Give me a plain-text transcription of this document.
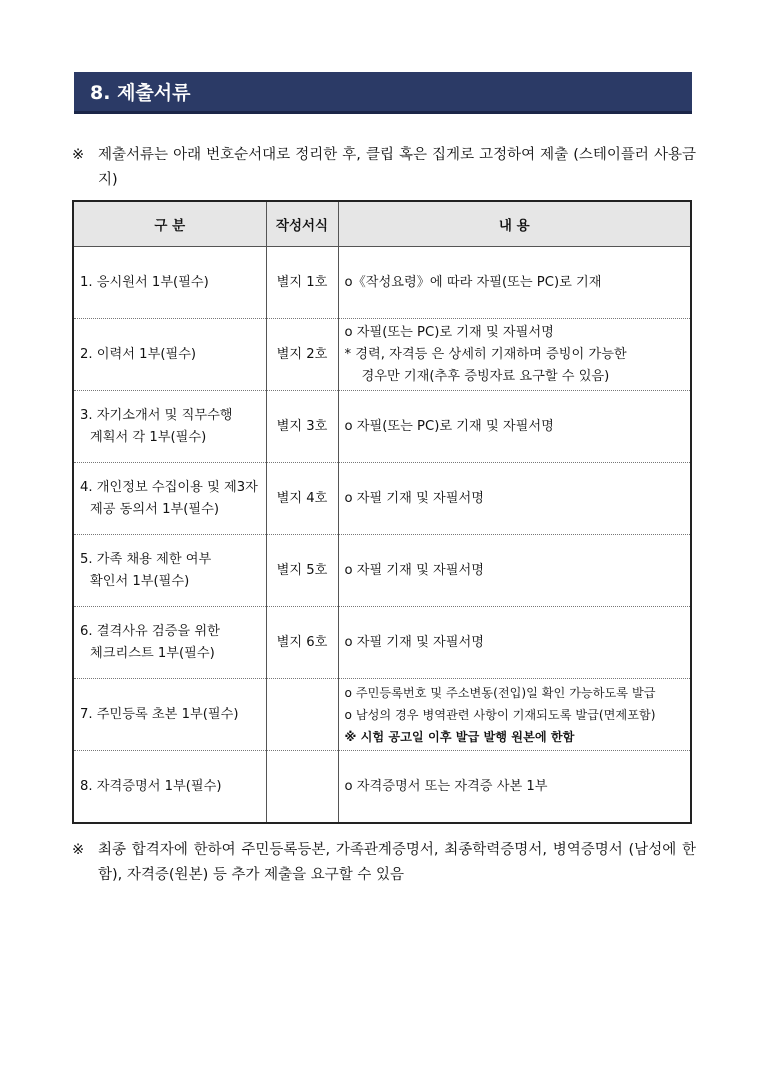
8. 제출서류
※ 제출서류는 아래 번호순서대로 정리한 후, 클립 혹은 집게로 고정하여 제출 (스테이플러 사용금지)
구 분	작성서식	내 용

1. 응시원서 1부(필수)	별지 1호	o《작성요령》에 따라 자필(또는 PC)로 기재

2. 이력서 1부(필수)	별지 2호	o 자필(또는 PC)로 기재 및 자필서명
* 경력, 자격등 은 상세히 기재하며 증빙이 가능한
경우만 기재(추후 증빙자료 요구할 수 있음)

3. 자기소개서 및 직무수행
계획서 각 1부(필수)	별지 3호	o 자필(또는 PC)로 기재 및 자필서명

4. 개인정보 수집이용 및 제3자
제공 동의서 1부(필수)	별지 4호	o 자필 기재 및 자필서명

5. 가족 채용 제한 여부
확인서 1부(필수)	별지 5호	o 자필 기재 및 자필서명

6. 결격사유 검증을 위한
체크리스트 1부(필수)	별지 6호	o 자필 기재 및 자필서명

7. 주민등록 초본 1부(필수)		o 주민등록번호 및 주소변동(전입)일 확인 가능하도록 발급
o 남성의 경우 병역관련 사항이 기재되도록 발급(면제포함)
※ 시험 공고일 이후 발급 발행 원본에 한함

8. 자격증명서 1부(필수)		o 자격증명서 또는 자격증 사본 1부
※ 최종 합격자에 한하여 주민등록등본, 가족관계증명서, 최종학력증명서, 병역증명서 (남성에 한함), 자격증(원본) 등 추가 제출을 요구할 수 있음
